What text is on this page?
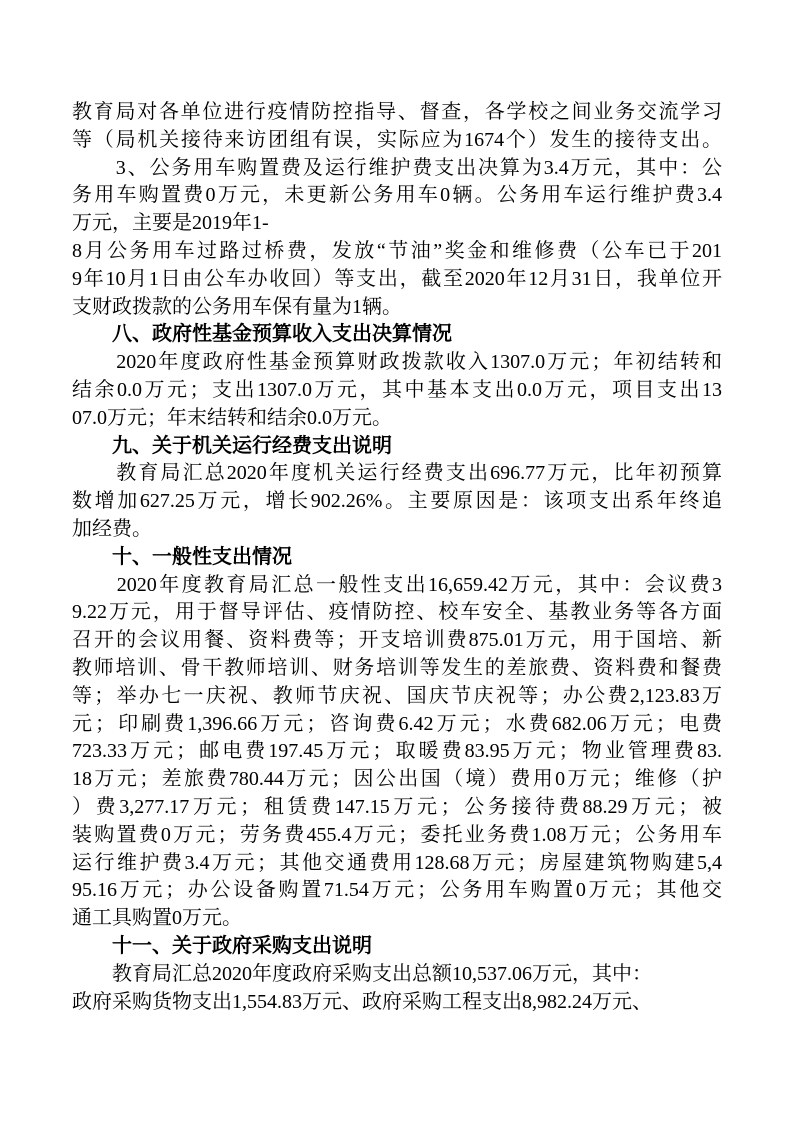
教育局对各单位进行疫情防控指导、督查，各学校之间业务交流学习
等（局机关接待来访团组有误，实际应为1674个）发生的接待支出。
　　3、公务用车购置费及运行维护费支出决算为3.4万元，其中：公
务用车购置费0万元，未更新公务用车0辆。公务用车运行维护费3.4
万元，主要是2019年1-
8月公务用车过路过桥费，发放“节油”奖金和维修费（公车已于201
9年10月1日由公车办收回）等支出，截至2020年12月31日，我单位开
支财政拨款的公务用车保有量为1辆。
　　八、政府性基金预算收入支出决算情况
　　2020年度政府性基金预算财政拨款收入1307.0万元；年初结转和
结余0.0万元；支出1307.0万元，其中基本支出0.0万元，项目支出13
07.0万元；年末结转和结余0.0万元。
　　九、关于机关运行经费支出说明
　　教育局汇总2020年度机关运行经费支出696.77万元，比年初预算
数增加627.25万元，增长902.26%。主要原因是：该项支出系年终追
加经费。
　　十、一般性支出情况
　　2020年度教育局汇总一般性支出16,659.42万元，其中：会议费3
9.22万元，用于督导评估、疫情防控、校车安全、基教业务等各方面
召开的会议用餐、资料费等；开支培训费875.01万元，用于国培、新
教师培训、骨干教师培训、财务培训等发生的差旅费、资料费和餐费
等；举办七一庆祝、教师节庆祝、国庆节庆祝等；办公费2,123.83万
元；印刷费1,396.66万元；咨询费6.42万元；水费682.06万元；电费
723.33万元；邮电费197.45万元；取暖费83.95万元；物业管理费83.
18万元；差旅费780.44万元；因公出国（境）费用0万元；维修（护
）费3,277.17万元；租赁费147.15万元；公务接待费88.29万元；被
装购置费0万元；劳务费455.4万元；委托业务费1.08万元；公务用车
运行维护费3.4万元；其他交通费用128.68万元；房屋建筑物购建5,4
95.16万元；办公设备购置71.54万元；公务用车购置0万元；其他交
通工具购置0万元。
　　十一、关于政府采购支出说明
　　教育局汇总2020年度政府采购支出总额10,537.06万元，其中：
政府采购货物支出1,554.83万元、政府采购工程支出8,982.24万元、
